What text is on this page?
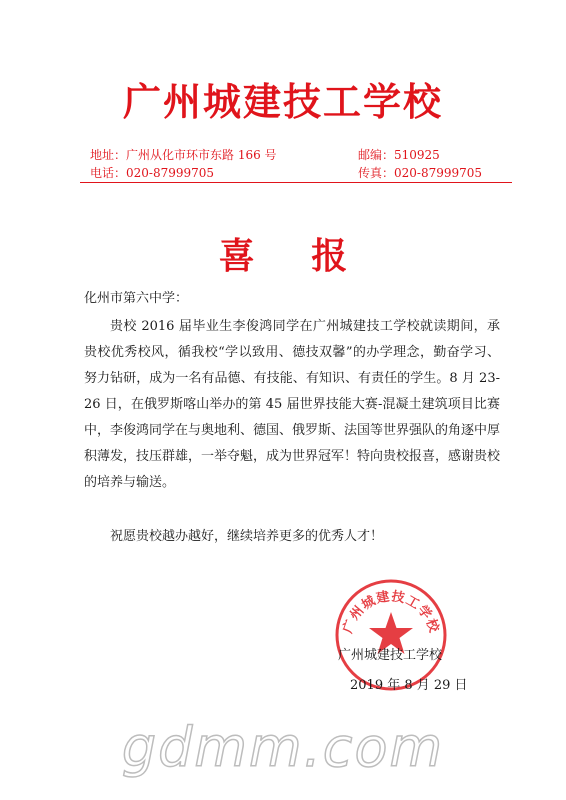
广州城建技工学校
地址：广州从化市环市东路 166 号	邮编：510925
电话：020-87999705	传真：020-87999705
喜 报
化州市第六中学：

贵校 2016 届毕业生李俊鸿同学在广州城建技工学校就读期间，承贵校优秀校风，循我校“学以致用、德技双馨”的办学理念，勤奋学习、努力钻研，成为一名有品德、有技能、有知识、有责任的学生。8 月 23-26 日，在俄罗斯喀山举办的第 45 届世界技能大赛-混凝土建筑项目比赛中，李俊鸿同学在与奥地利、德国、俄罗斯、法国等世界强队的角逐中厚积薄发，技压群雄，一举夺魁，成为世界冠军！特向贵校报喜，感谢贵校的培养与输送。

祝愿贵校越办越好，继续培养更多的优秀人才！
广州城建技工学校
广州城建技工学校
2019 年 8 月 29 日
gdmm.com
